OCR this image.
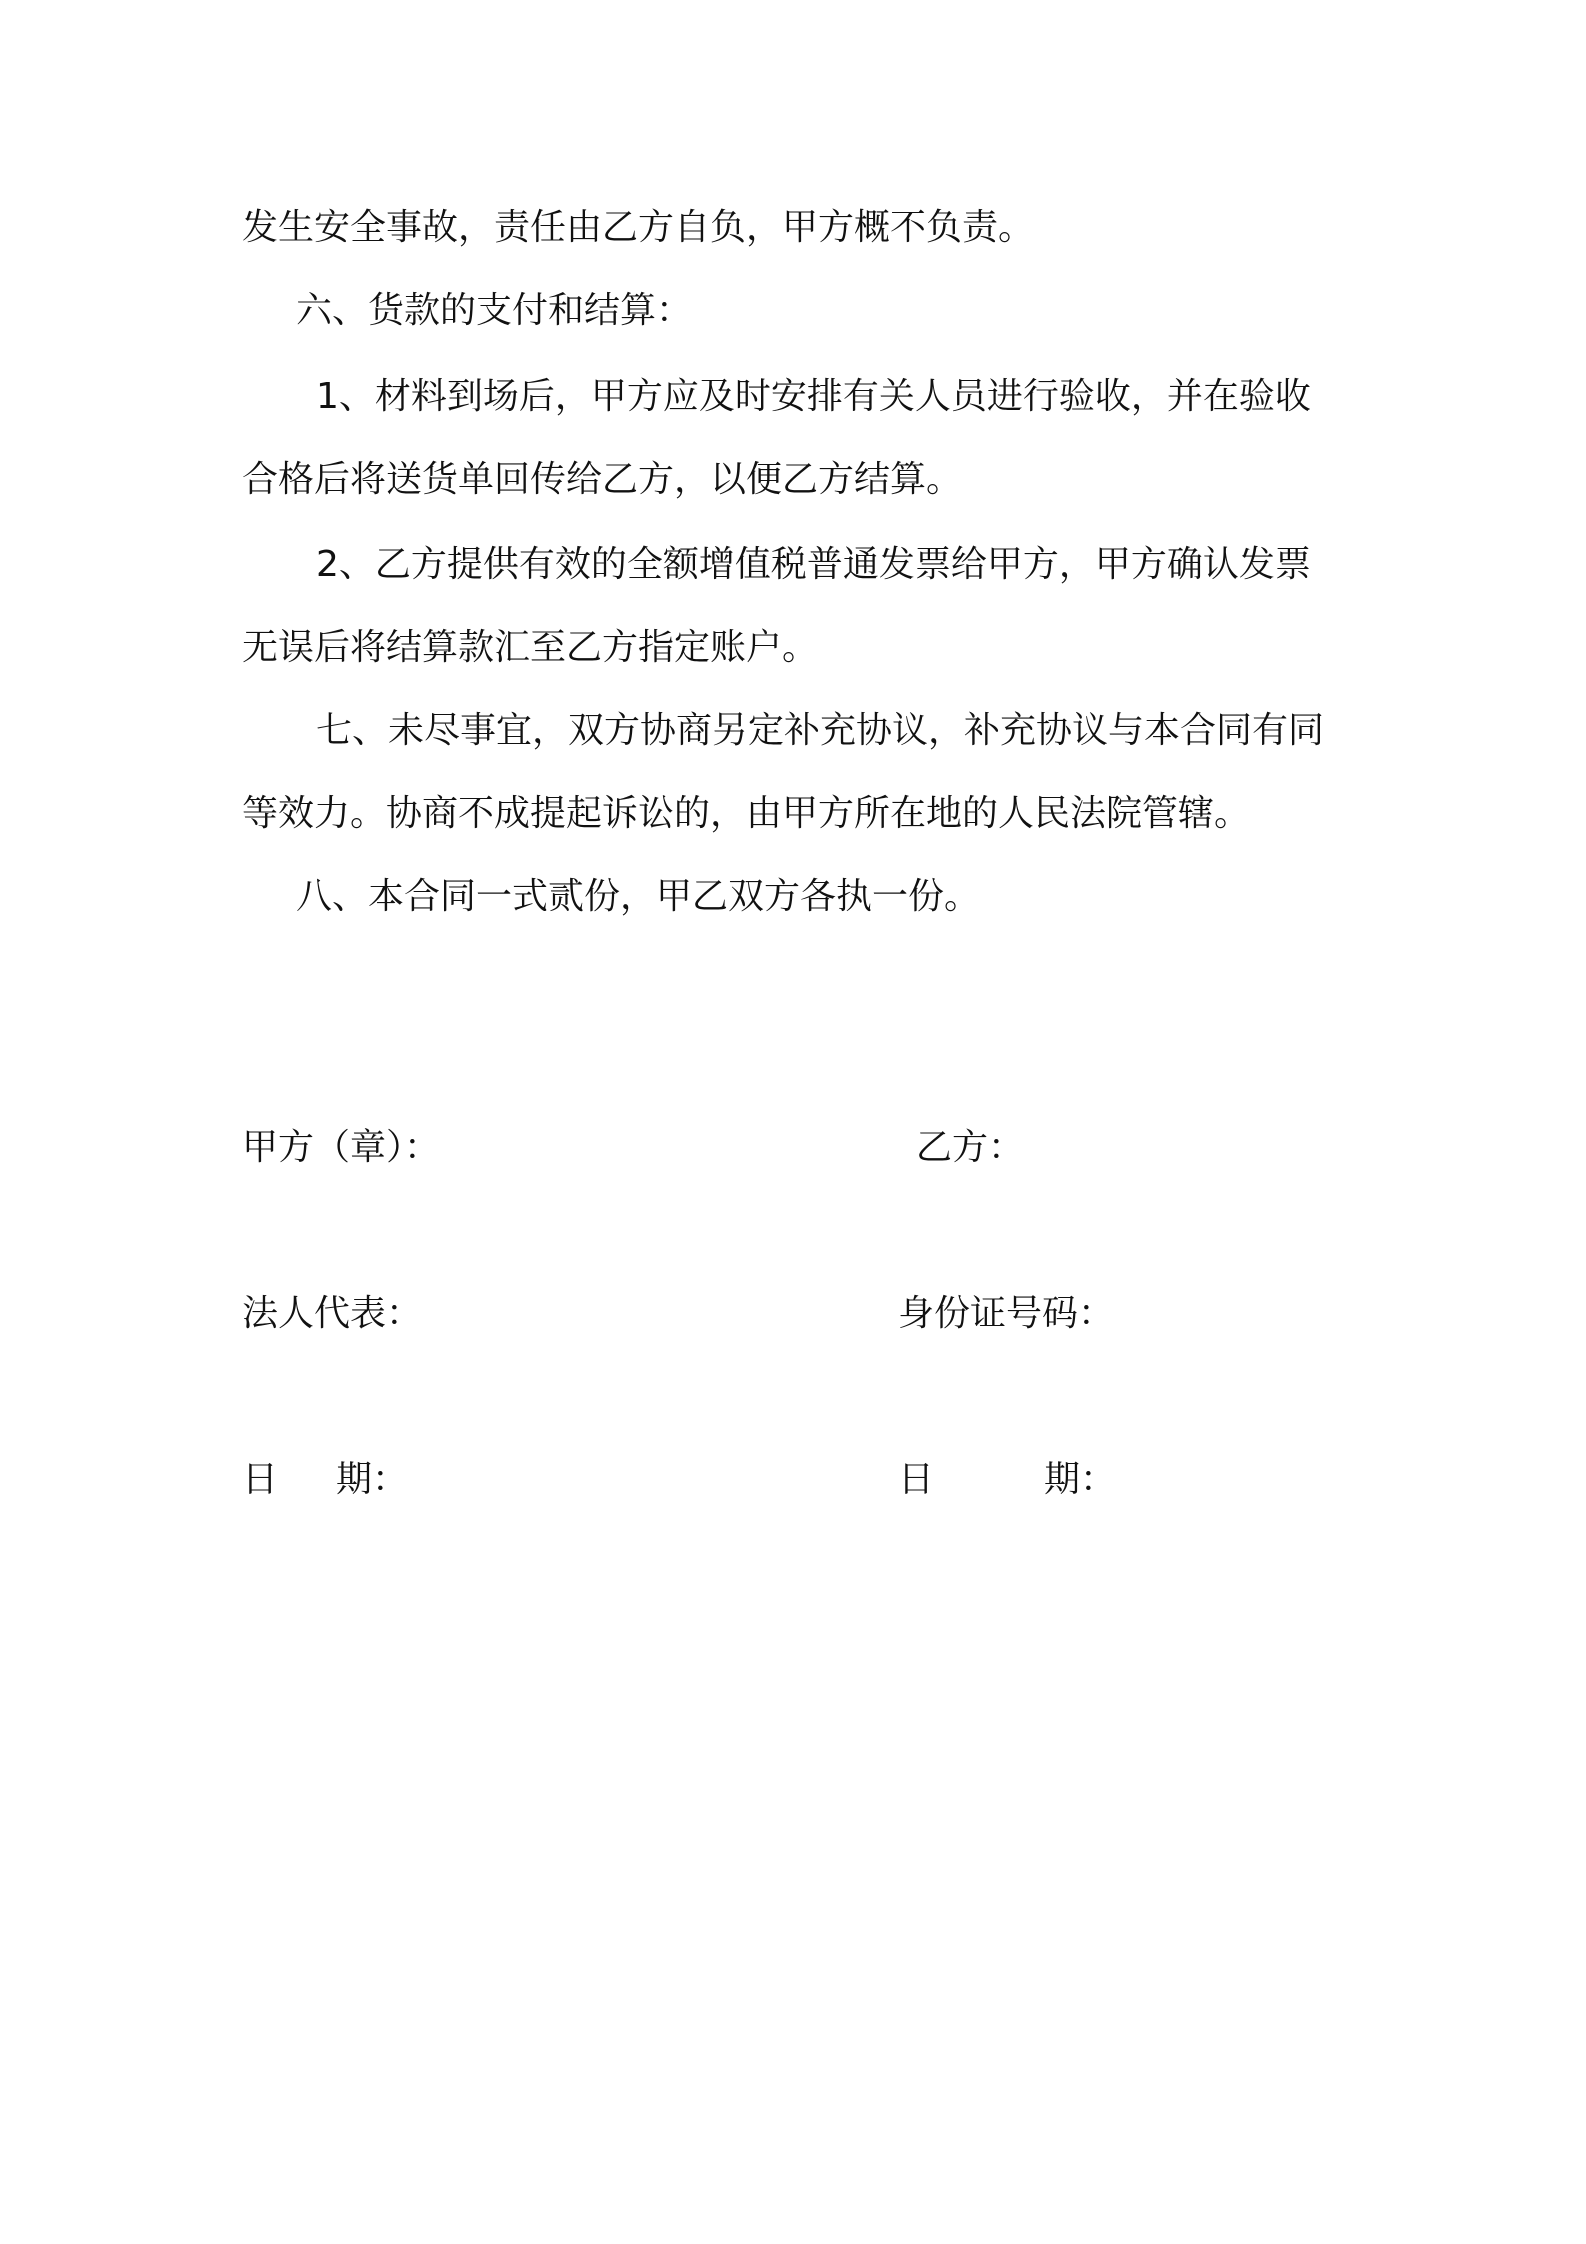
发生安全事故，责任由乙方自负，甲方概不负责。
六、货款的支付和结算：
1、材料到场后，甲方应及时安排有关人员进行验收，并在验收
合格后将送货单回传给乙方，以便乙方结算。
2、乙方提供有效的全额增值税普通发票给甲方，甲方确认发票
无误后将结算款汇至乙方指定账户。
七、未尽事宜，双方协商另定补充协议，补充协议与本合同有同
等效力。协商不成提起诉讼的，由甲方所在地的人民法院管辖。
八、本合同一式贰份，甲乙双方各执一份。
甲方（章）：	乙方：
法人代表：	身份证号码：
日 期：	日	期：
